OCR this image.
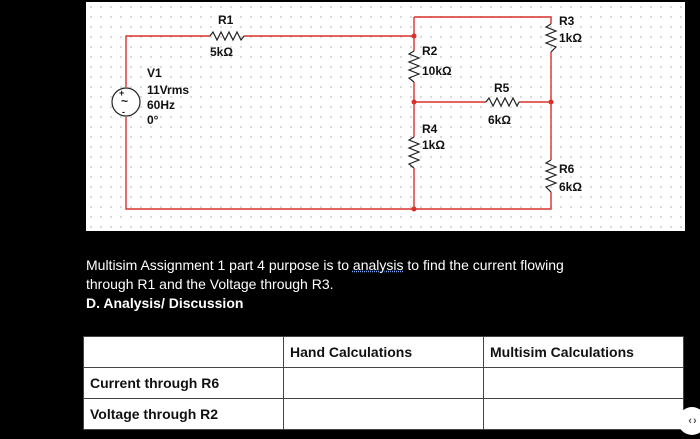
+
~
-
V1
11Vrms
60Hz
0°
R1
5kΩ	R2
10kΩ
R3
1kΩ
R4
1kΩ
R5
6kΩ
R6
6kΩ
Multisim Assignment 1 part 4 purpose is to analysis to find the current flowing
through R1 and the Voltage through R3.
D. Analysis/ Discussion
	Hand Calculations	Multisim Calculations
Current through R6		
Voltage through R2			‹ ›
